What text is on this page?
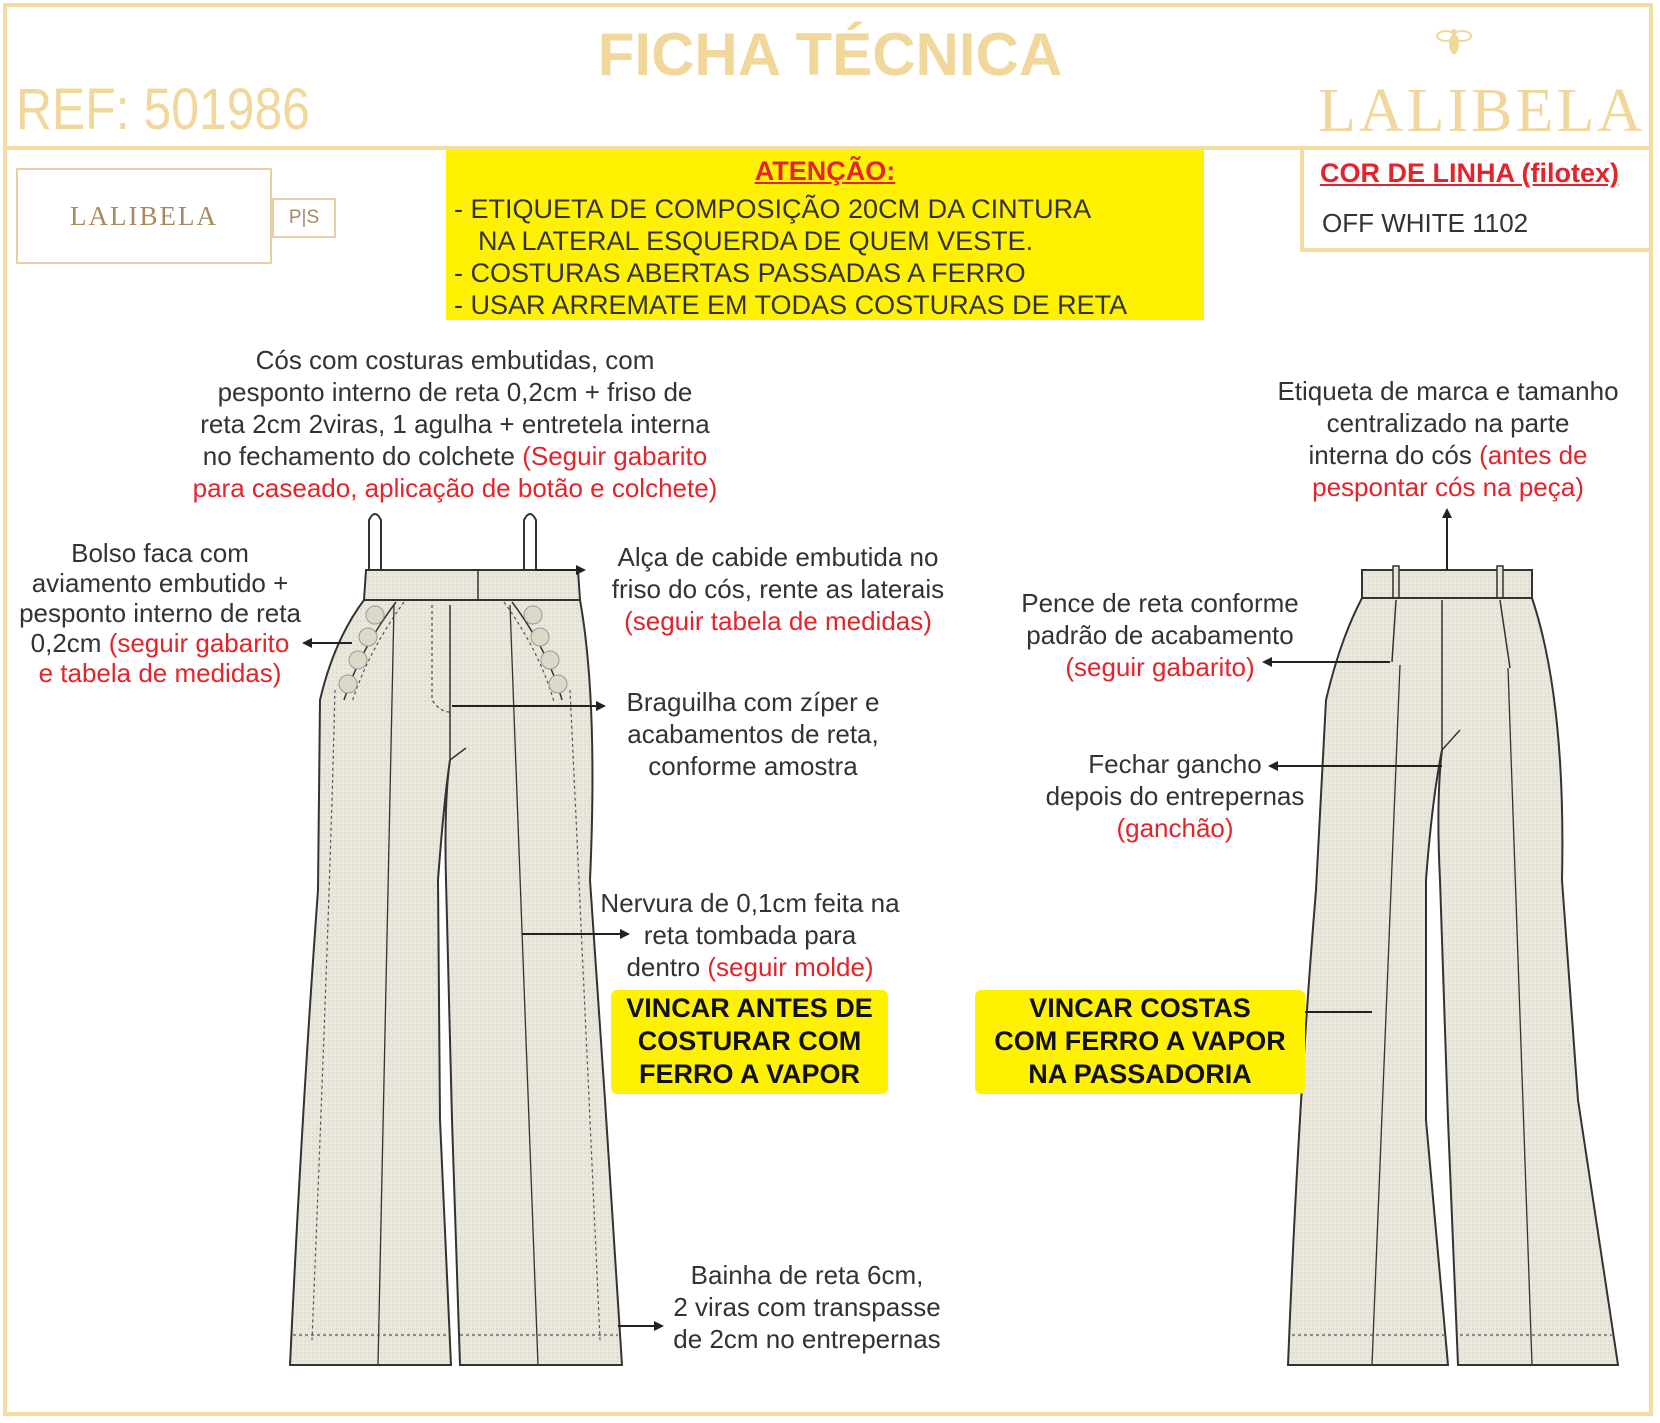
FICHA TÉCNICA
REF: 501986	LALIBELA
LALIBELA	P|S
ATENÇÃO:
- ETIQUETA DE COMPOSIÇÃO 20CM DA CINTURA
NA LATERAL ESQUERDA DE QUEM VESTE.
- COSTURAS ABERTAS PASSADAS A FERRO
- USAR ARREMATE EM TODAS COSTURAS DE RETA
COR DE LINHA (filotex)
OFF WHITE 1102
Cós com costuras embutidas, com
pesponto interno de reta 0,2cm + friso de
reta 2cm 2viras, 1 agulha + entretela interna
no fechamento do colchete (Seguir gabarito
para caseado, aplicação de botão e colchete)
Bolso faca com
aviamento embutido +
pesponto interno de reta
0,2cm (seguir gabarito
e tabela de medidas)
Alça de cabide embutida no
friso do cós, rente as laterais
(seguir tabela de medidas)
Braguilha com zíper e
acabamentos de reta,
conforme amostra
Nervura de 0,1cm feita na
reta tombada para
dentro (seguir molde)
VINCAR ANTES DE
COSTURAR COM
FERRO A VAPOR
Bainha de reta 6cm,
2 viras com transpasse
de 2cm no entrepernas
Etiqueta de marca e tamanho
centralizado na parte
interna do cós (antes de
pespontar cós na peça)
Pence de reta conforme
padrão de acabamento
(seguir gabarito)
Fechar gancho
depois do entrepernas
(ganchão)
VINCAR COSTAS
COM FERRO A VAPOR
NA PASSADORIA
